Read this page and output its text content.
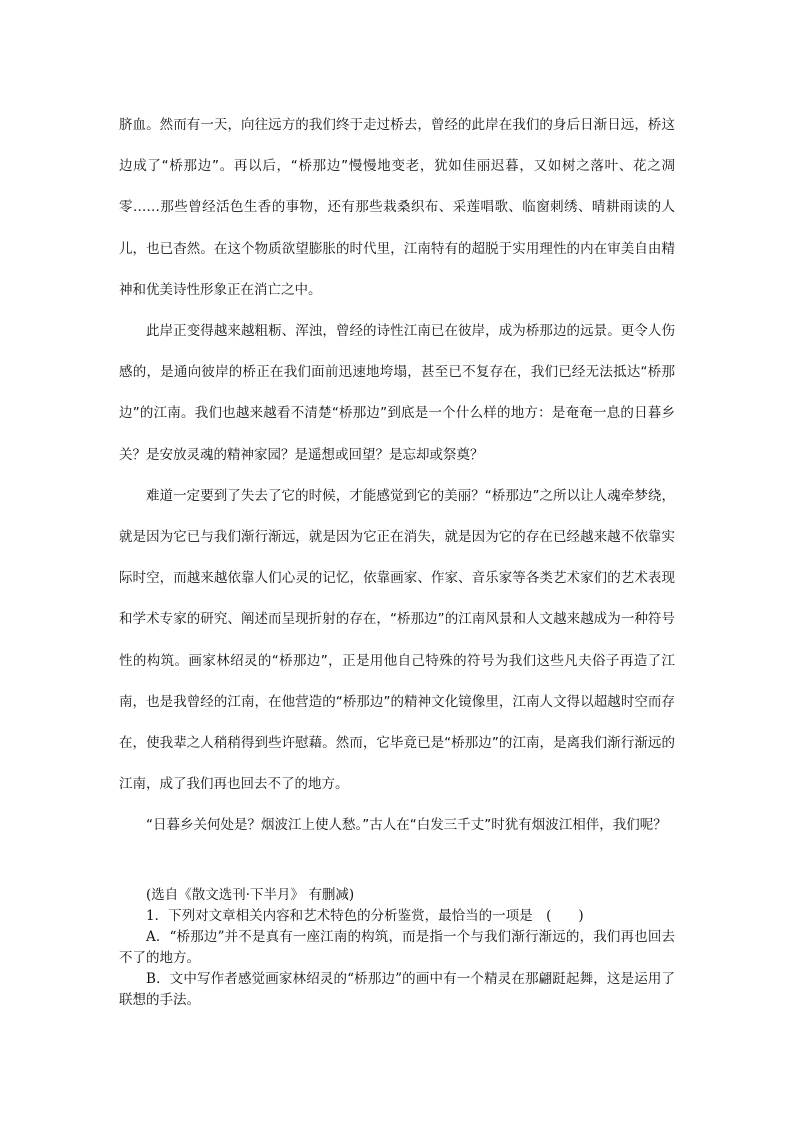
脐血。然而有一天，向往远方的我们终于走过桥去，曾经的此岸在我们的身后日渐日远，桥这边成了“桥那边”。再以后，“桥那边”慢慢地变老，犹如佳丽迟暮，又如树之落叶、花之凋零……那些曾经活色生香的事物，还有那些栽桑织布、采莲唱歌、临窗刺绣、晴耕雨读的人儿，也已杳然。在这个物质欲望膨胀的时代里，江南特有的超脱于实用理性的内在审美自由精神和优美诗性形象正在消亡之中。

此岸正变得越来越粗粝、浑浊，曾经的诗性江南已在彼岸，成为桥那边的远景。更令人伤感的，是通向彼岸的桥正在我们面前迅速地垮塌，甚至已不复存在，我们已经无法抵达“桥那边”的江南。我们也越来越看不清楚“桥那边”到底是一个什么样的地方：是奄奄一息的日暮乡关？是安放灵魂的精神家园？是遥想或回望？是忘却或祭奠？

难道一定要到了失去了它的时候，才能感觉到它的美丽？“桥那边”之所以让人魂牵梦绕，就是因为它已与我们渐行渐远，就是因为它正在消失，就是因为它的存在已经越来越不依靠实际时空，而越来越依靠人们心灵的记忆，依靠画家、作家、音乐家等各类艺术家们的艺术表现和学术专家的研究、阐述而呈现折射的存在，“桥那边”的江南风景和人文越来越成为一种符号性的构筑。画家林绍灵的“桥那边”，正是用他自己特殊的符号为我们这些凡夫俗子再造了江南，也是我曾经的江南，在他营造的“桥那边”的精神文化镜像里，江南人文得以超越时空而存在，使我辈之人稍稍得到些许慰藉。然而，它毕竟已是“桥那边”的江南，是离我们渐行渐远的江南，成了我们再也回去不了的地方。

“日暮乡关何处是？烟波江上使人愁。”古人在“白发三千丈”时犹有烟波江相伴，我们呢？

(选自《散文选刊·下半月》 有删减)

1．下列对文章相关内容和艺术特色的分析鉴赏，最恰当的一项是　(　　)

A．“桥那边”并不是真有一座江南的构筑，而是指一个与我们渐行渐远的，我们再也回去不了的地方。

B．文中写作者感觉画家林绍灵的“桥那边”的画中有一个精灵在那翩跹起舞，这是运用了联想的手法。
